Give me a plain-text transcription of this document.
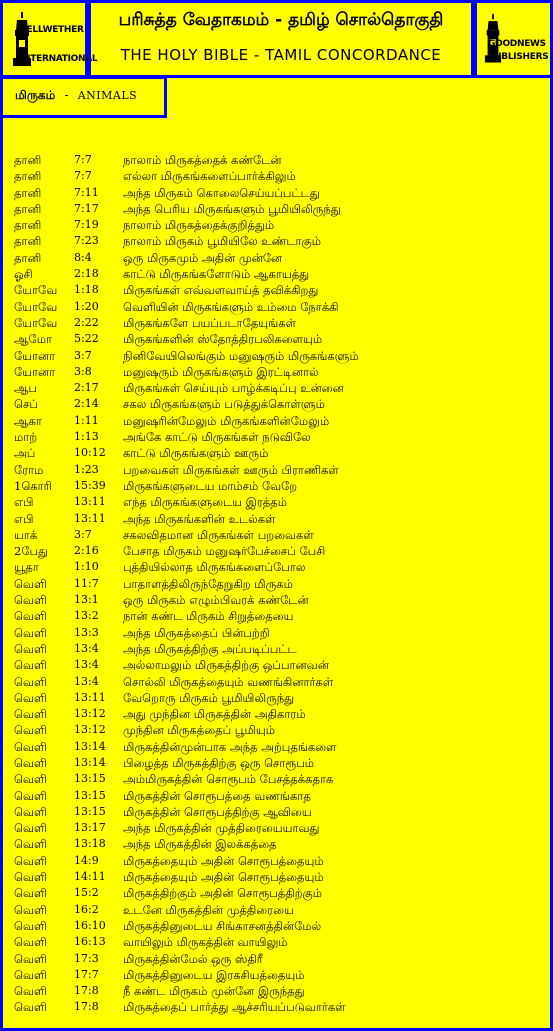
BELLWETHER
INTERNATIONAL
பரிசுத்த வேதாகமம் - தமிழ் சொல்தொகுதி
THE HOLY BIBLE - TAMIL CONCORDANCE
GOODNEWS
PUBLISHERS
மிருகம் - ANIMALS
தானி	7:7	நாலாம் மிருகத்தைக் கண்டேன்
தானி	7:7	எல்லா மிருகங்களைப்பார்க்கிலும்
தானி	7:11	அந்த மிருகம் கொலைசெய்யப்பட்டது
தானி	7:17	அந்த பெரிய மிருகங்களும் பூமியிலிருந்து
தானி	7:19	நாலாம் மிருகத்தைக்குறித்தும்
தானி	7:23	நாலாம் மிருகம் பூமியிலே உண்டாகும்
தானி	8:4	ஒரு மிருகமும் அதின் முன்னே
ஓசி	2:18	காட்டு மிருகங்களோடும் ஆகாயத்து
யோவே	1:18	மிருகங்கள் எவ்வளவாய்த் தவிக்கிறது
யோவே	1:20	வெளியின் மிருகங்களும் உம்மை நோக்கி
யோவே	2:22	மிருகங்களே பயப்படாதேயுங்கள்
ஆமோ	5:22	மிருகங்களின் ஸ்தோத்திரபலிகளையும்
யோனா	3:7	நினிவேயிலெங்கும் மனுஷரும் மிருகங்களும்
யோனா	3:8	மனுஷரும் மிருகங்களும் இரட்டினால்
ஆப	2:17	மிருகங்கள் செய்யும் பாழ்க்கடிப்பு உன்னை
செப்	2:14	சகல மிருகங்களும் படுத்துக்கொள்ளும்
ஆகா	1:11	மனுஷரின்மேலும் மிருகங்களின்மேலும்
மாற்	1:13	அங்கே காட்டு மிருகங்கள் நடுவிலே
அப்	10:12	காட்டு மிருகங்களும் ஊரும்
ரோம	1:23	பறவைகள் மிருகங்கள் ஊரும் பிராணிகள்
1கொரி	15:39	மிருகங்களுடைய மாம்சம் வேறே
எபி	13:11	எந்த மிருகங்களுடைய இரத்தம்
எபி	13:11	அந்த மிருகங்களின் உடல்கள்
யாக்	3:7	சகலவிதமான மிருகங்கள் பறவைகள்
2பேது	2:16	பேசாத மிருகம் மனுஷர்பேச்சைப் பேசி
யூதா	1:10	புத்தியில்லாத மிருகங்களைப்போல
வெளி	11:7	பாதாளத்திலிருந்தேறுகிற மிருகம்
வெளி	13:1	ஒரு மிருகம் எழும்பிவரக் கண்டேன்
வெளி	13:2	நான் கண்ட மிருகம் சிறுத்தையை
வெளி	13:3	அந்த மிருகத்தைப் பின்பற்றி
வெளி	13:4	அந்த மிருகத்திற்கு அப்படிப்பட்ட
வெளி	13:4	அல்லாமலும் மிருகத்திற்கு ஒப்பானவன்
வெளி	13:4	சொல்லி மிருகத்தையும் வணங்கினார்கள்
வெளி	13:11	வேறொரு மிருகம் பூமியிலிருந்து
வெளி	13:12	அது முந்தின மிருகத்தின் அதிகாரம்
வெளி	13:12	முந்தின மிருகத்தைப் பூமியும்
வெளி	13:14	மிருகத்தின்முன்பாக அந்த அற்புதங்களை
வெளி	13:14	பிழைத்த மிருகத்திற்கு ஒரு சொரூபம்
வெளி	13:15	அம்மிருகத்தின் சொரூபம் பேசத்தக்கதாக
வெளி	13:15	மிருகத்தின் சொரூபத்தை வணங்காத
வெளி	13:15	மிருகத்தின் சொரூபத்திற்கு ஆவியை
வெளி	13:17	அந்த மிருகத்தின் முத்திரையையாவது
வெளி	13:18	அந்த மிருகத்தின் இலக்கத்தை
வெளி	14:9	மிருகத்தையும் அதின் சொரூபத்தையும்
வெளி	14:11	மிருகத்தையும் அதின் சொரூபத்தையும்
வெளி	15:2	மிருகத்திற்கும் அதின் சொரூபத்திற்கும்
வெளி	16:2	உடனே மிருகத்தின் முத்திரையை
வெளி	16:10	மிருகத்தினுடைய சிங்காசனத்தின்மேல்
வெளி	16:13	வாயிலும் மிருகத்தின் வாயிலும்
வெளி	17:3	மிருகத்தின்மேல் ஒரு ஸ்திரீ
வெளி	17:7	மிருகத்தினுடைய இரகசியத்தையும்
வெளி	17:8	நீ கண்ட மிருகம் முன்னே இருந்தது
வெளி	17:8	மிருகத்தைப் பார்த்து ஆச்சரியப்படுவார்கள்
